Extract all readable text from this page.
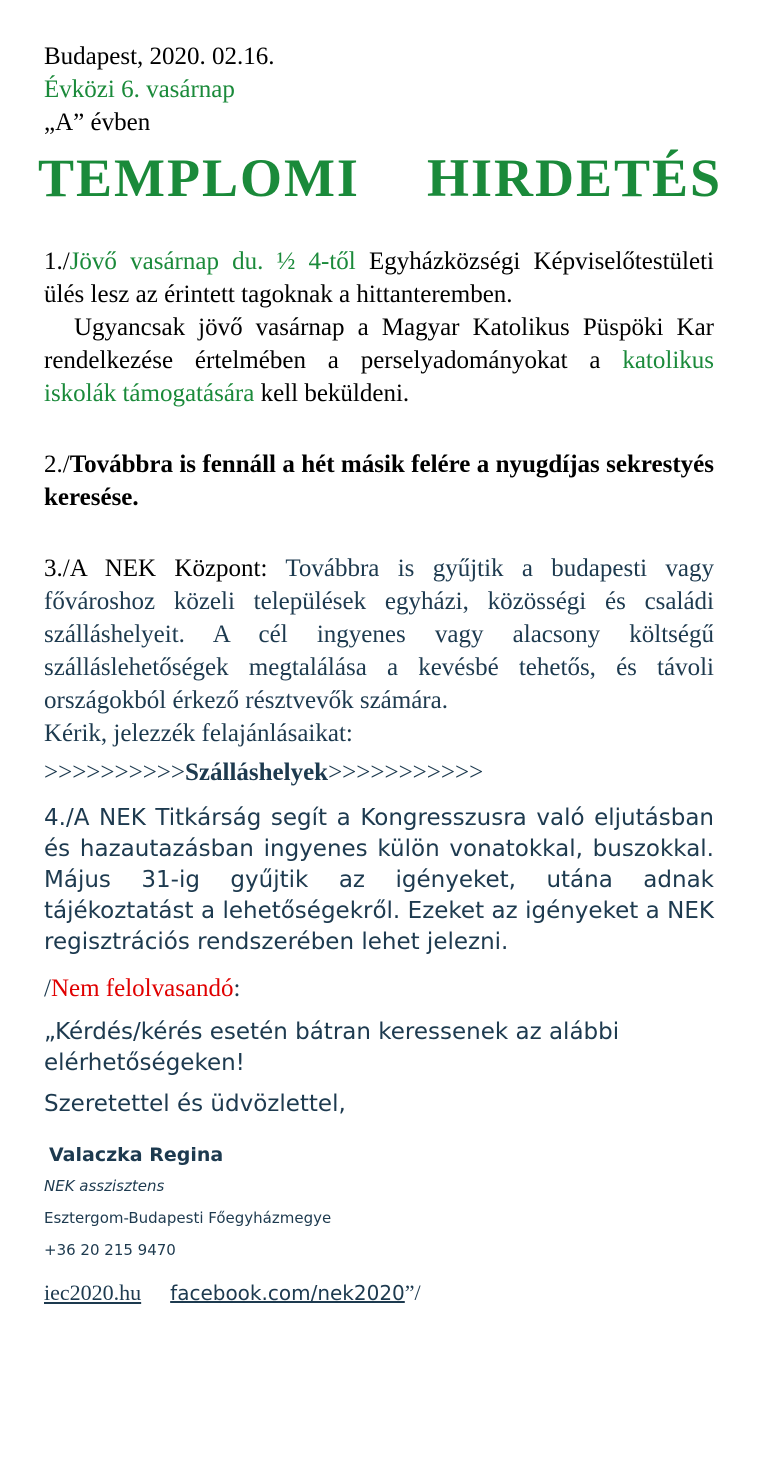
Budapest, 2020. 02.16.

Évközi 6. vasárnap

„A” évben

TEMPLOMI  HIRDETÉS

1./Jövő vasárnap du. ½ 4-től Egyházközségi Képviselőtestületi ülés lesz az érintett tagoknak a hittanteremben.

Ugyancsak jövő vasárnap a Magyar Katolikus Püspöki Kar rendelkezése értelmében a perselyadományokat a katolikus iskolák támogatására kell beküldeni.

2./Továbbra is fennáll a hét másik felére a nyugdíjas sekrestyés keresése.

3./A NEK Központ: Továbbra is gyűjtik a budapesti vagy fővároshoz közeli települések egyházi, közösségi és családi szálláshelyeit. A cél ingyenes vagy alacsony költségű szálláslehetőségek megtalálása a kevésbé tehetős, és távoli országokból érkező résztvevők számára.

Kérik, jelezzék felajánlásaikat:

>>>>>>>>>>Szálláshelyek>>>>>>>>>>>

4./A NEK Titkárság segít a Kongresszusra való eljutásban és hazautazásban ingyenes külön vonatokkal, buszokkal. Május 31-ig gyűjtik az igényeket, utána adnak tájékoztatást a lehetőségekről. Ezeket az igényeket a NEK regisztrációs rendszerében lehet jelezni.

/Nem felolvasandó:

„Kérdés/kérés esetén bátran keressenek az alábbi elérhetőségeken!

Szeretettel és üdvözlettel,

Valaczka Regina

NEK asszisztens

Esztergom-Budapesti Főegyházmegye

+36 20 215 9470

iec2020.hu facebook.com/nek2020”/
